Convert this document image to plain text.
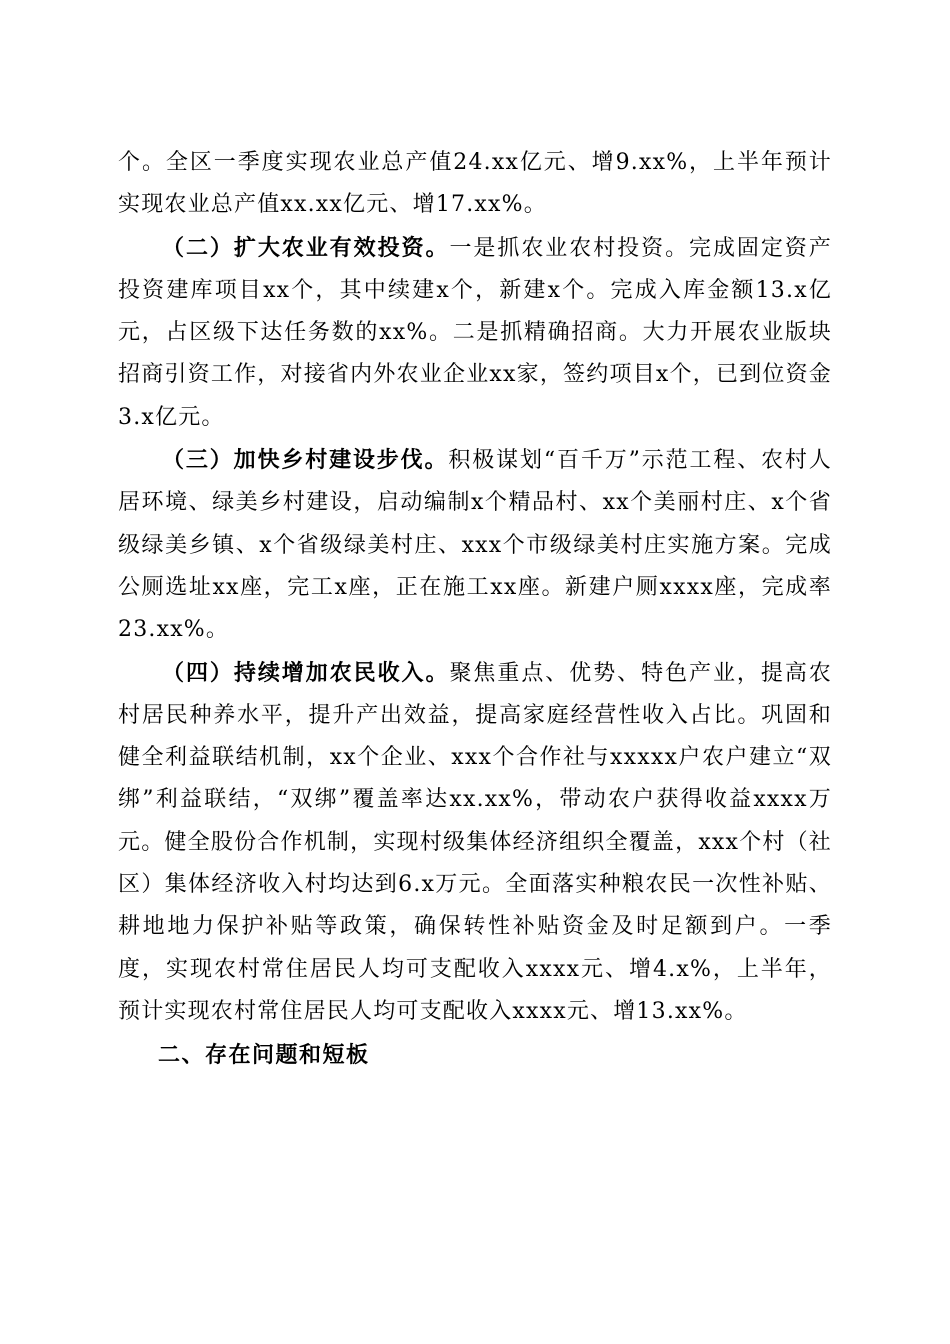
个。全区一季度实现农业总产值24.xx亿元、增9.xx%，上半年预计实现农业总产值xx.xx亿元、增17.xx%。

（二）扩大农业有效投资。一是抓农业农村投资。完成固定资产投资建库项目xx个，其中续建x个，新建x个。完成入库金额13.x亿元，占区级下达任务数的xx%。二是抓精确招商。大力开展农业版块招商引资工作，对接省内外农业企业xx家，签约项目x个，已到位资金3.x亿元。

（三）加快乡村建设步伐。积极谋划“百千万”示范工程、农村人居环境、绿美乡村建设，启动编制x个精品村、xx个美丽村庄、x个省级绿美乡镇、x个省级绿美村庄、xxx个市级绿美村庄实施方案。完成公厕选址xx座，完工x座，正在施工xx座。新建户厕xxxx座，完成率23.xx%。

（四）持续增加农民收入。聚焦重点、优势、特色产业，提高农村居民种养水平，提升产出效益，提高家庭经营性收入占比。巩固和健全利益联结机制，xx个企业、xxx个合作社与xxxxx户农户建立“双绑”利益联结，“双绑”覆盖率达xx.xx%，带动农户获得收益xxxx万元。健全股份合作机制，实现村级集体经济组织全覆盖，xxx个村（社区）集体经济收入村均达到6.x万元。全面落实种粮农民一次性补贴、耕地地力保护补贴等政策，确保转性补贴资金及时足额到户。一季度，实现农村常住居民人均可支配收入xxxx元、增4.x%，上半年，预计实现农村常住居民人均可支配收入xxxx元、增13.xx%。

二、存在问题和短板
